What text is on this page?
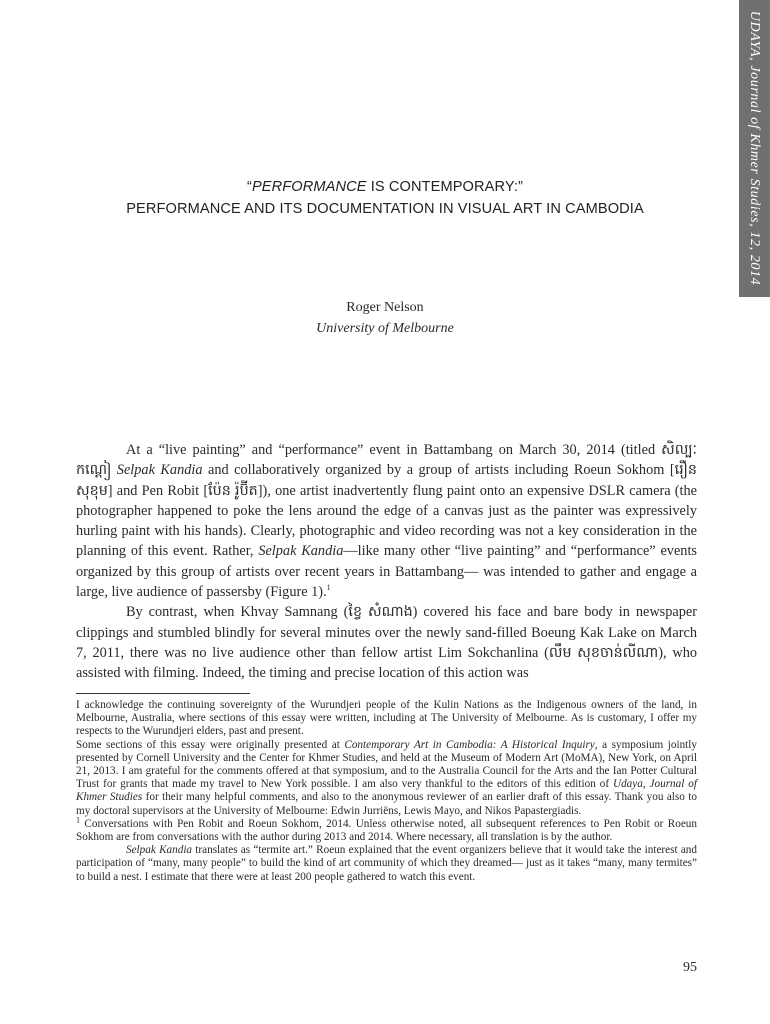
UDAYA, Journal of Khmer Studies, 12, 2014
“PERFORMANCE IS CONTEMPORARY:”
PERFORMANCE AND ITS DOCUMENTATION IN VISUAL ART IN CAMBODIA
Roger Nelson
University of Melbourne

At a “live painting” and “performance” event in Battambang on March 30, 2014 (titled សិល្បៈកណ្ដៀ Selpak Kandia and collaboratively organized by a group of artists including Roeun Sokhom [រឿន សុខុម] and Pen Robit [ប៉ែន រ៉ូប៊ីត]), one artist inadvertently flung paint onto an expensive DSLR camera (the photographer happened to poke the lens around the edge of a canvas just as the painter was expressively hurling paint with his hands). Clearly, photographic and video recording was not a key consideration in the planning of this event. Rather, Selpak Kandia—like many other “live painting” and “performance” events organized by this group of artists over recent years in Battambang— was intended to gather and engage a large, live audience of passersby (Figure 1).$^1$

By contrast, when Khvay Samnang (ខ្វៃ សំណាង) covered his face and bare body in newspaper clippings and stumbled blindly for several minutes over the newly sand-filled Boeung Kak Lake on March 7, 2011, there was no live audience other than fellow artist Lim Sokchanlina (លឹម សុខចាន់លីណា), who assisted with filming. Indeed, the timing and precise location of this action was

I acknowledge the continuing sovereignty of the Wurundjeri people of the Kulin Nations as the Indigenous owners of the land, in Melbourne, Australia, where sections of this essay were written, including at The University of Melbourne. As is customary, I offer my respects to the Wurundjeri elders, past and present.

Some sections of this essay were originally presented at Contemporary Art in Cambodia: A Historical Inquiry, a symposium jointly presented by Cornell University and the Center for Khmer Studies, and held at the Museum of Modern Art (MoMA), New York, on April 21, 2013. I am grateful for the comments offered at that symposium, and to the Australia Council for the Arts and the Ian Potter Cultural Trust for grants that made my travel to New York possible. I am also very thankful to the editors of this edition of Udaya, Journal of Khmer Studies for their many helpful comments, and also to the anonymous reviewer of an earlier draft of this essay. Thank you also to my doctoral supervisors at the University of Melbourne: Edwin Jurriëns, Lewis Mayo, and Nikos Papastergiadis.

$^1$ Conversations with Pen Robit and Roeun Sokhom, 2014. Unless otherwise noted, all subsequent references to Pen Robit or Roeun Sokhom are from conversations with the author during 2013 and 2014. Where necessary, all translation is by the author.

Selpak Kandia translates as “termite art.” Roeun explained that the event organizers believe that it would take the interest and participation of “many, many people” to build the kind of art community of which they dreamed— just as it takes “many, many termites” to build a nest. I estimate that there were at least 200 people gathered to watch this event.

95
